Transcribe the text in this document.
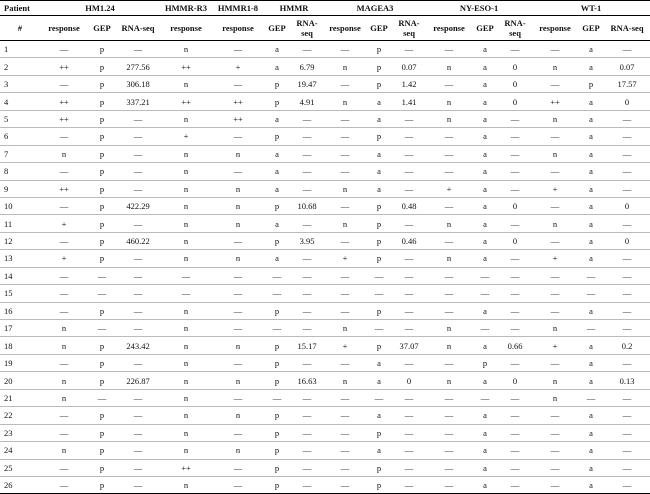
Patient	HM1.24			HMMR-R3	HMMR1-8	HMMR		MAGEA3			NY-ESO-1			WT-1		
#	response	GEP	RNA-seq	response	response	GEP	RNA-seq	response	GEP	RNA-seq	response	GEP	RNA-seq	response	GEP	RNA-seq
1	—	p	—	n	—	a	—	—	p	—	—	a	—	—	a	—
2	++	p	277.56	++	+	a	6.79	n	p	0.07	n	a	0	n	a	0.07
3	—	p	306.18	n	—	p	19.47	—	p	1.42	—	a	0	—	p	17.57
4	++	p	337.21	++	++	p	4.91	n	a	1.41	n	a	0	++	a	0
5	++	p	—	n	++	a	—	—	a	—	n	a	—	n	a	—
6	—	p	—	+	—	p	—	—	p	—	—	a	—	—	a	—
7	n	p	—	n	n	a	—	—	a	—	—	a	—	n	a	—
8	—	p	—	n	—	a	—	—	a	—	—	a	—	—	a	—
9	++	p	—	n	n	a	—	n	a	—	+	a	—	+	a	—
10	—	p	422.29	n	n	p	10.68	—	p	0.48	—	a	0	—	a	0
11	+	p	—	n	n	a	—	n	p	—	n	a	—	n	a	—
12	—	p	460.22	n	—	p	3.95	—	p	0.46	—	a	0	—	a	0
13	+	p	—	n	n	a	—	+	p	—	n	a	—	+	a	—
14	—	—	—	—	—	—	—	—	—	—	—	—	—	—	—	—
15	—	—	—	—	—	—	—	—	—	—	—	—	—	—	—	—
16	—	p	—	n	—	p	—	—	p	—	—	a	—	—	a	—
17	n	—	—	n	—	—	—	n	—	—	n	—	—	n	—	—
18	n	p	243.42	n	n	p	15.17	+	p	37.07	n	a	0.66	+	a	0.2
19	—	p	—	n	—	p	—	—	a	—	—	p	—	—	a	—
20	n	p	226.87	n	n	p	16.63	n	a	0	n	a	0	n	a	0.13
21	n	—	—	n	—	—	—	—	—	—	—	—	—	n	—	—
22	—	p	—	n	n	p	—	—	a	—	—	a	—	—	a	—
23	—	p	—	n	—	p	—	—	p	—	—	a	—	—	a	—
24	n	p	—	n	n	p	—	—	a	—	—	a	—	—	a	—
25	—	p	—	++	—	p	—	—	p	—	—	a	—	—	a	—
26	—	p	—	n	—	p	—	—	p	—	—	a	—	—	a	—
